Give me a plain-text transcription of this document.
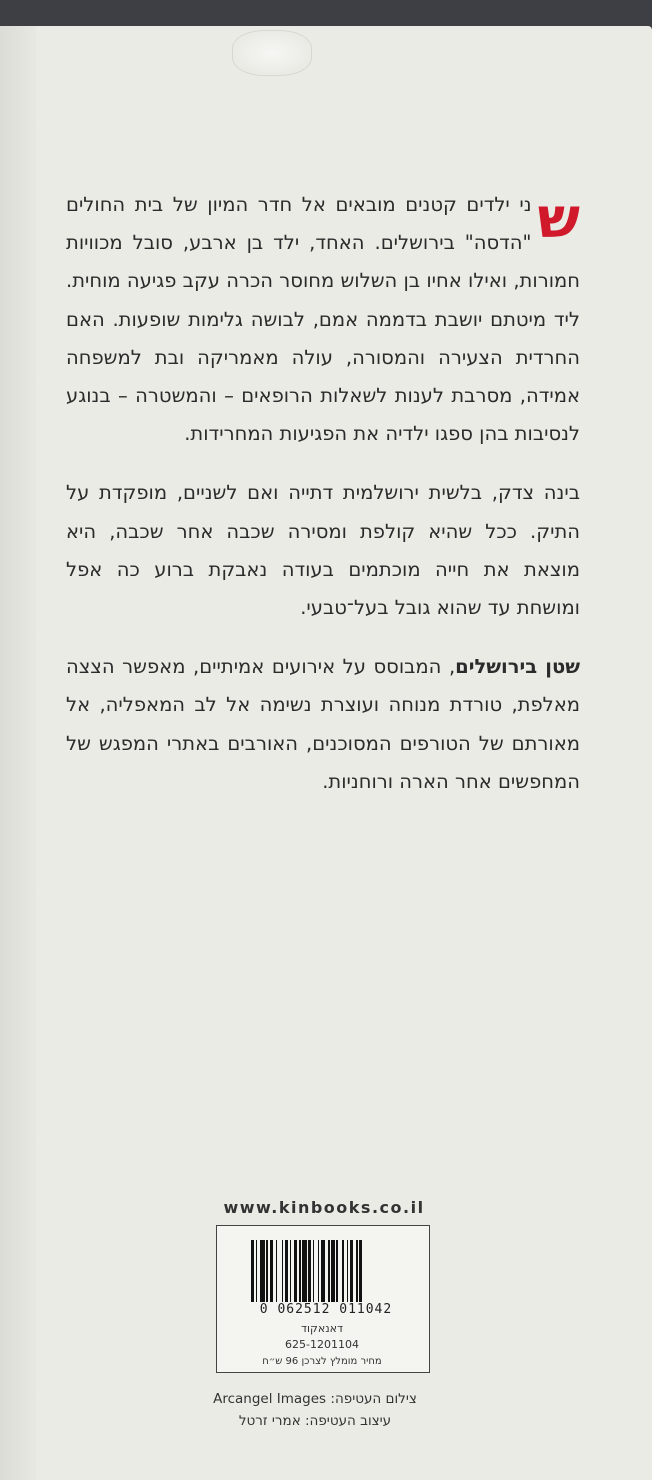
ש
ני ילדים קטנים מובאים אל חדר המיון של בית החולים "הדסה" בירושלים. האחד, ילד בן ארבע, סובל מכוויות חמורות, ואילו אחיו בן השלוש מחוסר הכרה עקב פגיעה מוחית. ליד מיטתם יושבת בדממה אמם, לבושה גלימות שופעות. האם החרדית הצעירה והמסורה, עולה מאמריקה ובת למשפחה אמידה, מסרבת לענות לשאלות הרופאים – והמשטרה – בנוגע לנסיבות בהן ספגו ילדיה את הפגיעות המחרידות.

בינה צדק, בלשית ירושלמית דתייה ואם לשניים, מופקדת על התיק. ככל שהיא קולפת ומסירה שכבה אחר שכבה, היא מוצאת את חייה מוכתמים בעודה נאבקת ברוע כה אפל ומושחת עד שהוא גובל בעל־טבעי.

שטן בירושלים, המבוסס על אירועים אמיתיים, מאפשר הצצה מאלפת, טורדת מנוחה ועוצרת נשימה אל לב המאפליה, אל מאורתם של הטורפים המסוכנים, האורבים באתרי המפגש של המחפשים אחר הארה ורוחניות.

www.kinbooks.co.il
0 062512 011042
דאנאקוד
625-1201104
מחיר מומלץ לצרכן 96 ש״ח
צילום העטיפה: Arcangel Images
עיצוב העטיפה: אמרי זרטל
